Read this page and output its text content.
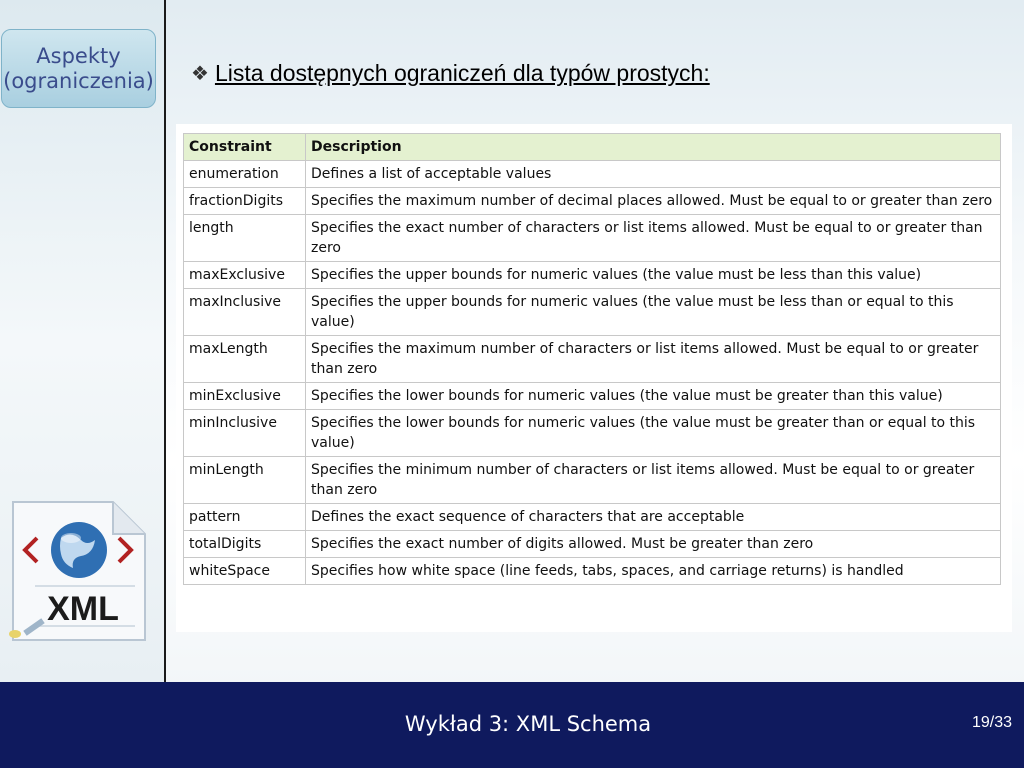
Aspekty
(ograniczenia)
XML
❖ Lista dostępnych ograniczeń dla typów prostych:
Constraint	Description
enumeration	Defines a list of acceptable values
fractionDigits	Specifies the maximum number of decimal places allowed. Must be equal to or greater than zero
length	Specifies the exact number of characters or list items allowed. Must be equal to or greater than zero
maxExclusive	Specifies the upper bounds for numeric values (the value must be less than this value)
maxInclusive	Specifies the upper bounds for numeric values (the value must be less than or equal to this value)
maxLength	Specifies the maximum number of characters or list items allowed. Must be equal to or greater than zero
minExclusive	Specifies the lower bounds for numeric values (the value must be greater than this value)
minInclusive	Specifies the lower bounds for numeric values (the value must be greater than or equal to this value)
minLength	Specifies the minimum number of characters or list items allowed. Must be equal to or greater than zero
pattern	Defines the exact sequence of characters that are acceptable
totalDigits	Specifies the exact number of digits allowed. Must be greater than zero
whiteSpace	Specifies how white space (line feeds, tabs, spaces, and carriage returns) is handled
Wykład 3: XML Schema	19/33
